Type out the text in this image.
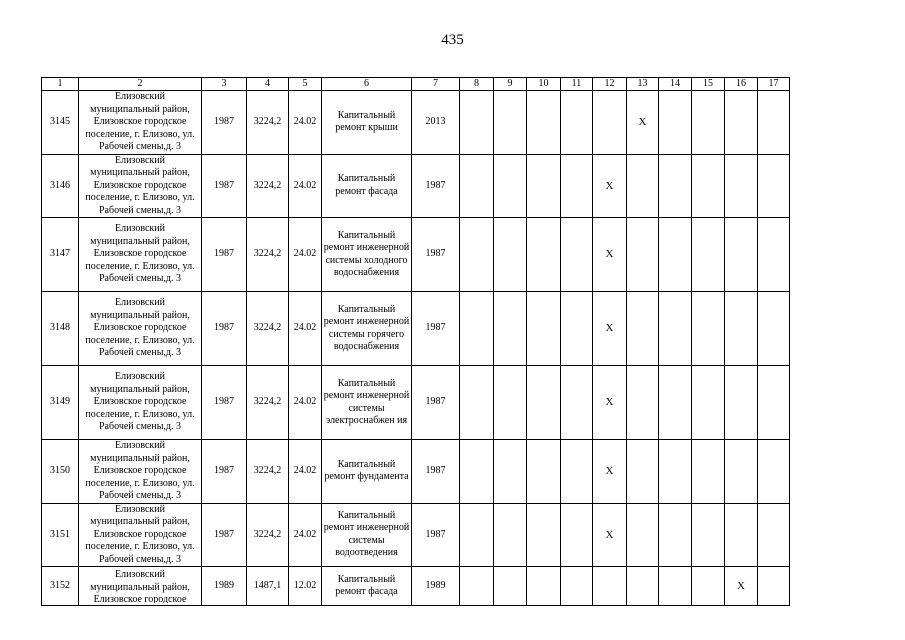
435
1	2	3	4	5	6	7	8	9	10	11	12	13	14	15	16	17
3145	Елизовский муниципальный район, Елизовское городское поселение, г. Елизово, ул. Рабочей смены,д. 3	1987	3224,2	24.02	Капитальный ремонт крыши	2013						X				
3146	Елизовский муниципальный район, Елизовское городское поселение, г. Елизово, ул. Рабочей смены,д. 3	1987	3224,2	24.02	Капитальный ремонт фасада	1987					X					
3147	Елизовский муниципальный район, Елизовское городское поселение, г. Елизово, ул. Рабочей смены,д. 3	1987	3224,2	24.02	Капитальный ремонт инженерной системы холодного водоснабжения	1987					X					
3148	Елизовский муниципальный район, Елизовское городское поселение, г. Елизово, ул. Рабочей смены,д. 3	1987	3224,2	24.02	Капитальный ремонт инженерной системы горячего водоснабжения	1987					X					
3149	Елизовский муниципальный район, Елизовское городское поселение, г. Елизово, ул. Рабочей смены,д. 3	1987	3224,2	24.02	Капитальный ремонт инженерной системы электроснабжен ия	1987					X					
3150	Елизовский муниципальный район, Елизовское городское поселение, г. Елизово, ул. Рабочей смены,д. 3	1987	3224,2	24.02	Капитальный ремонт фундамента	1987					X					
3151	Елизовский муниципальный район, Елизовское городское поселение, г. Елизово, ул. Рабочей смены,д. 3	1987	3224,2	24.02	Капитальный ремонт инженерной системы водоотведения	1987					X					
3152	Елизовский муниципальный район, Елизовское городское	1989	1487,1	12.02	Капитальный ремонт фасада	1989									X	
